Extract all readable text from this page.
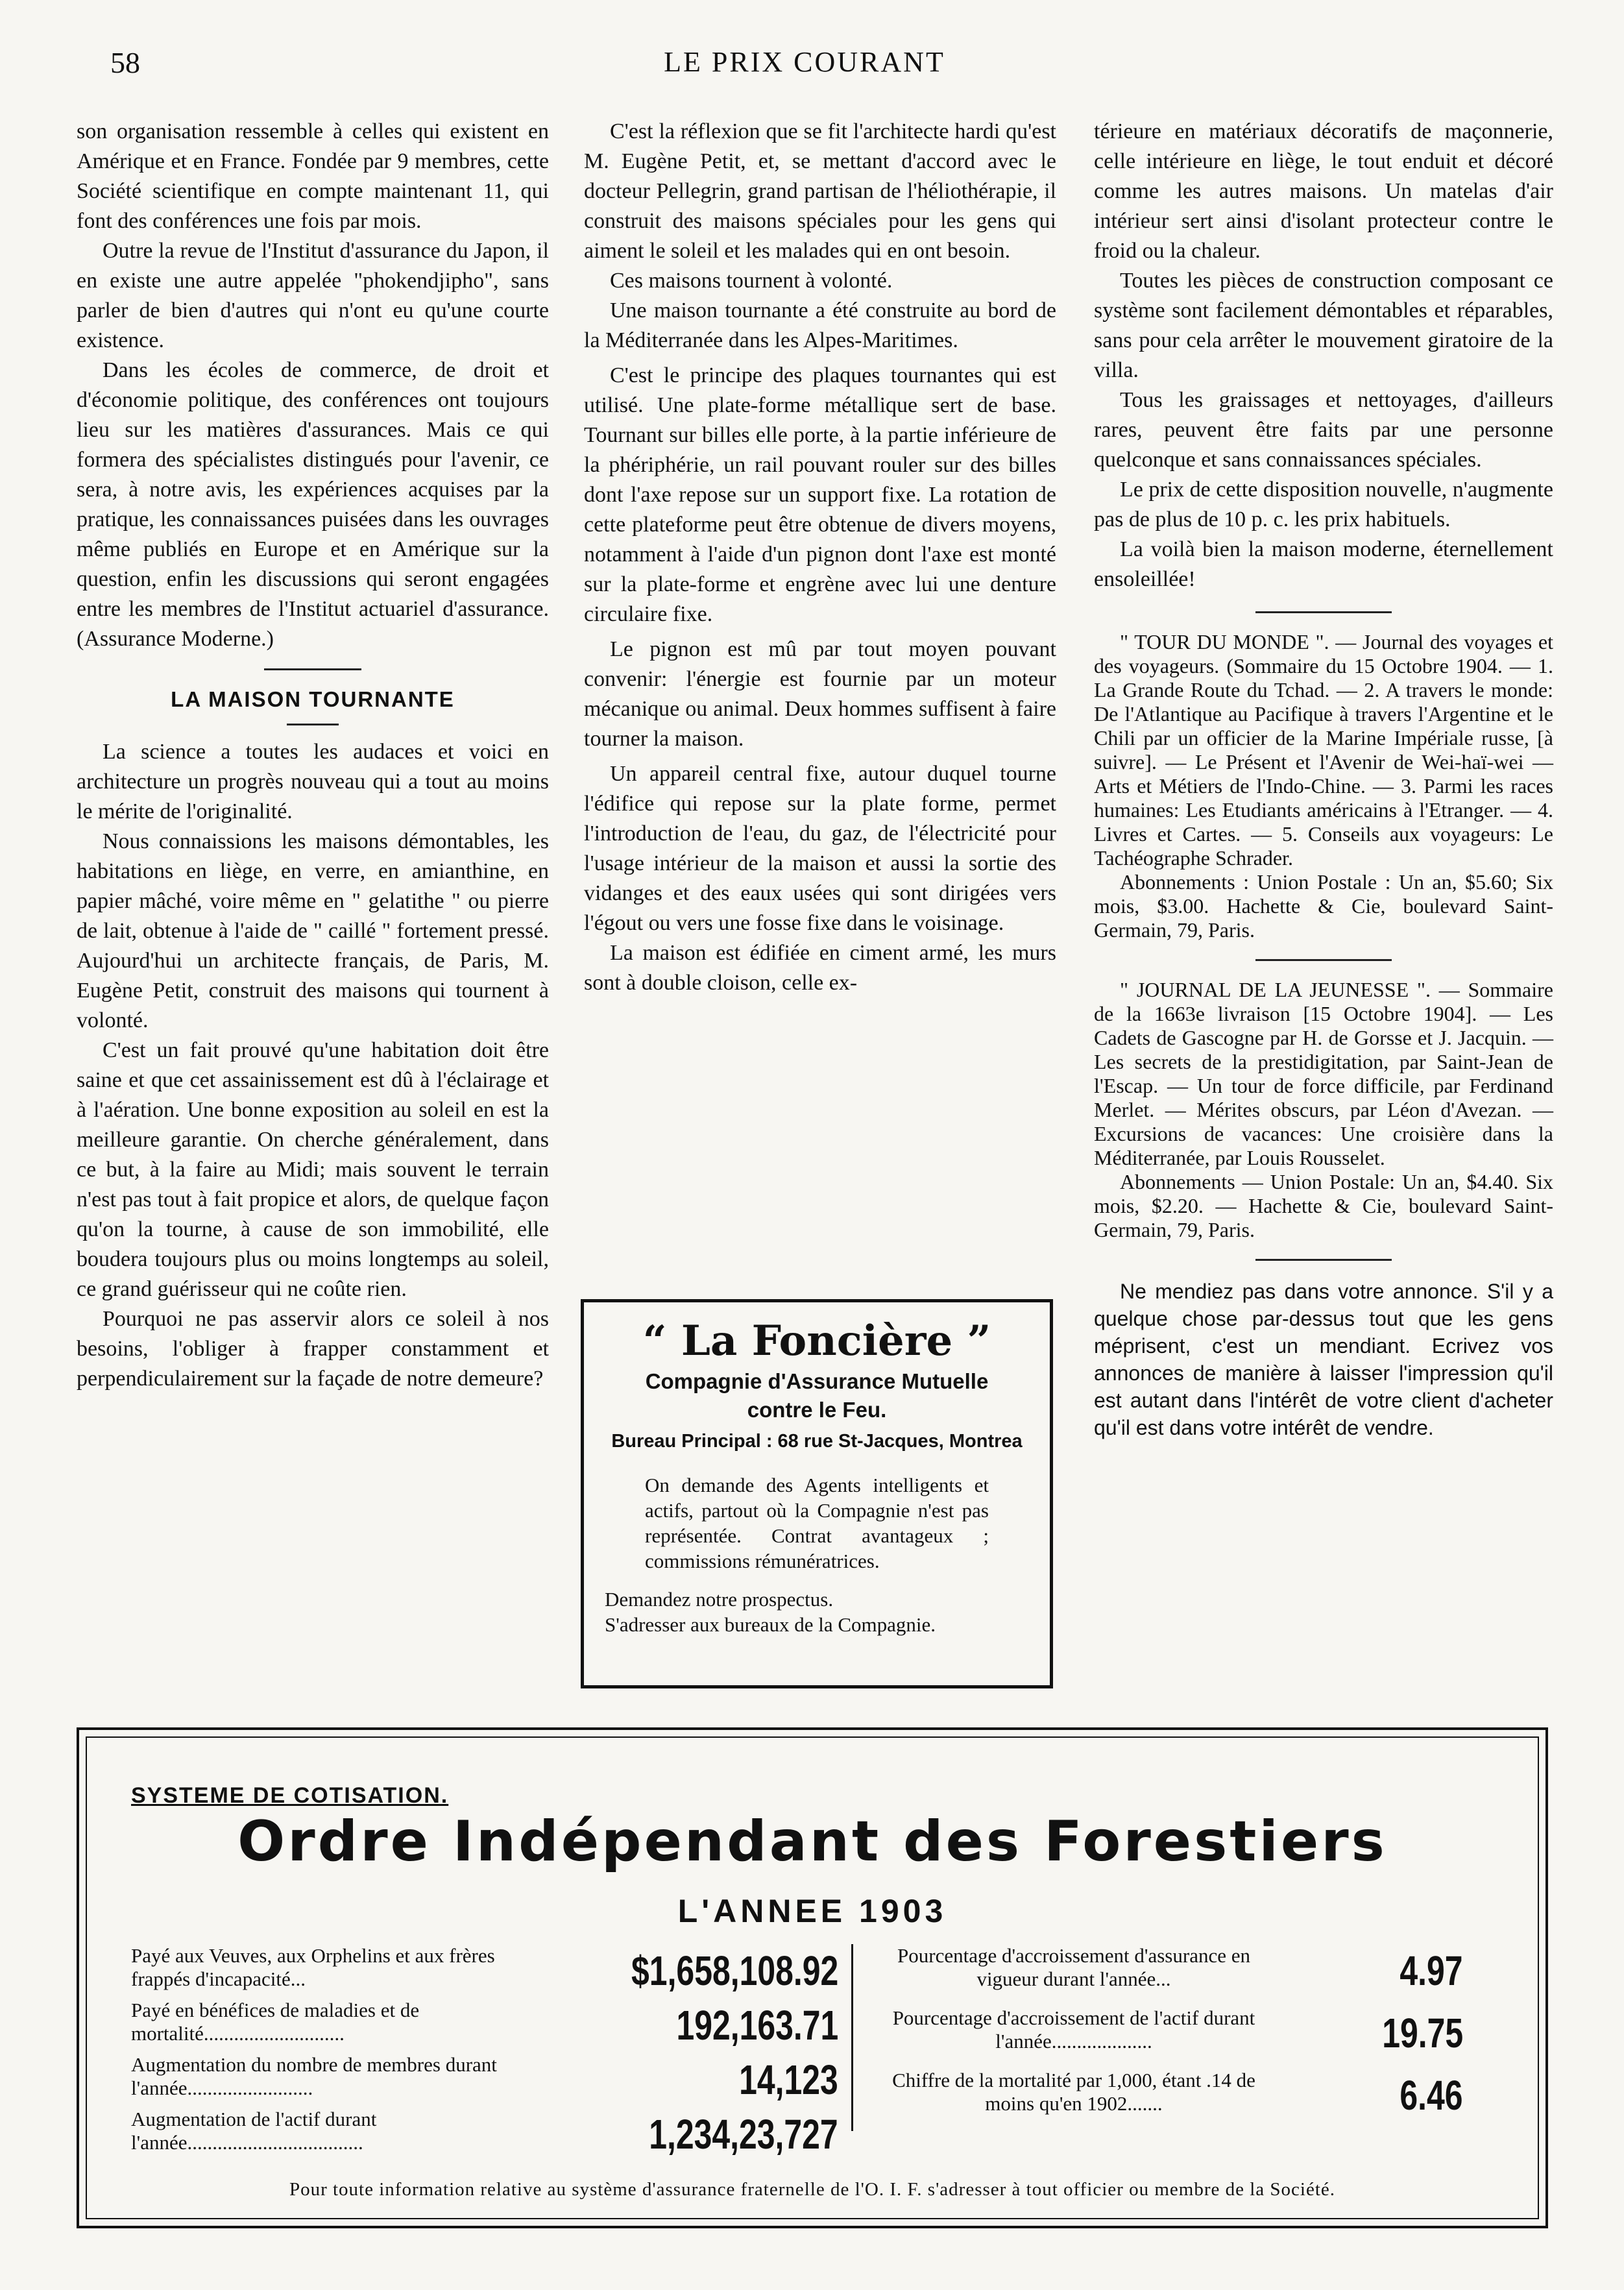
58	LE PRIX COURANT

son organisation ressemble à celles qui existent en Amérique et en France. Fondée par 9 membres, cette Société scientifique en compte maintenant 11, qui font des conférences une fois par mois.

Outre la revue de l'Institut d'assurance du Japon, il en existe une autre appelée "phokendjipho", sans parler de bien d'autres qui n'ont eu qu'une courte existence.

Dans les écoles de commerce, de droit et d'économie politique, des conférences ont toujours lieu sur les matières d'assurances. Mais ce qui formera des spécialistes distingués pour l'avenir, ce sera, à notre avis, les expériences acquises par la pratique, les connaissances puisées dans les ouvrages même publiés en Europe et en Amérique sur la question, enfin les discussions qui seront engagées entre les membres de l'Institut actuariel d'assurance. (Assurance Moderne.)

LA MAISON TOURNANTE

La science a toutes les audaces et voici en architecture un progrès nouveau qui a tout au moins le mérite de l'originalité.

Nous connaissions les maisons démontables, les habitations en liège, en verre, en amianthine, en papier mâché, voire même en " gelatithe " ou pierre de lait, obtenue à l'aide de " caillé " fortement pressé. Aujourd'hui un architecte français, de Paris, M. Eugène Petit, construit des maisons qui tournent à volonté.

C'est un fait prouvé qu'une habitation doit être saine et que cet assainissement est dû à l'éclairage et à l'aération. Une bonne exposition au soleil en est la meilleure garantie. On cherche généralement, dans ce but, à la faire au Midi; mais souvent le terrain n'est pas tout à fait propice et alors, de quelque façon qu'on la tourne, à cause de son immobilité, elle boudera toujours plus ou moins longtemps au soleil, ce grand guérisseur qui ne coûte rien.

Pourquoi ne pas asservir alors ce soleil à nos besoins, l'obliger à frapper constamment et perpendiculairement sur la façade de notre demeure?

C'est la réflexion que se fit l'architecte hardi qu'est M. Eugène Petit, et, se mettant d'accord avec le docteur Pellegrin, grand partisan de l'héliothérapie, il construit des maisons spéciales pour les gens qui aiment le soleil et les malades qui en ont besoin.

Ces maisons tournent à volonté.

Une maison tournante a été construite au bord de la Méditerranée dans les Alpes-Maritimes.

C'est le principe des plaques tournantes qui est utilisé. Une plate-forme métallique sert de base. Tournant sur billes elle porte, à la partie inférieure de la phériphérie, un rail pouvant rouler sur des billes dont l'axe repose sur un support fixe. La rotation de cette plateforme peut être obtenue de divers moyens, notamment à l'aide d'un pignon dont l'axe est monté sur la plate-forme et engrène avec lui une denture circulaire fixe.

Le pignon est mû par tout moyen pouvant convenir: l'énergie est fournie par un moteur mécanique ou animal. Deux hommes suffisent à faire tourner la maison.

Un appareil central fixe, autour duquel tourne l'édifice qui repose sur la plate forme, permet l'introduction de l'eau, du gaz, de l'électricité pour l'usage intérieur de la maison et aussi la sortie des vidanges et des eaux usées qui sont dirigées vers l'égout ou vers une fosse fixe dans le voisinage.

La maison est édifiée en ciment armé, les murs sont à double cloison, celle ex-

“ La Foncière ”
Compagnie d'Assurance Mutuelle
contre le Feu.
Bureau Principal : 68 rue St-Jacques, Montrea
On demande des Agents intelligents et actifs, partout où la Compagnie n'est pas représentée. Contrat avantageux ; commissions rémunératrices.
Demandez notre prospectus.
S'adresser aux bureaux de la Compagnie.

térieure en matériaux décoratifs de maçonnerie, celle intérieure en liège, le tout enduit et décoré comme les autres maisons. Un matelas d'air intérieur sert ainsi d'isolant protecteur contre le froid ou la chaleur.

Toutes les pièces de construction composant ce système sont facilement démontables et réparables, sans pour cela arrêter le mouvement giratoire de la villa.

Tous les graissages et nettoyages, d'ailleurs rares, peuvent être faits par une personne quelconque et sans connaissances spéciales.

Le prix de cette disposition nouvelle, n'augmente pas de plus de 10 p. c. les prix habituels.

La voilà bien la maison moderne, éternellement ensoleillée!

" TOUR DU MONDE ". — Journal des voyages et des voyageurs. (Sommaire du 15 Octobre 1904. — 1. La Grande Route du Tchad. — 2. A travers le monde: De l'Atlantique au Pacifique à travers l'Argentine et le Chili par un officier de la Marine Impériale russe, [à suivre]. — Le Présent et l'Avenir de Wei-haï-wei — Arts et Métiers de l'Indo-Chine. — 3. Parmi les races humaines: Les Etudiants américains à l'Etranger. — 4. Livres et Cartes. — 5. Conseils aux voyageurs: Le Tachéographe Schrader.

Abonnements : Union Postale : Un an, $5.60; Six mois, $3.00. Hachette & Cie, boulevard Saint-Germain, 79, Paris.

" JOURNAL DE LA JEUNESSE ". — Sommaire de la 1663e livraison [15 Octobre 1904]. — Les Cadets de Gascogne par H. de Gorsse et J. Jacquin. — Les secrets de la prestidigitation, par Saint-Jean de l'Escap. — Un tour de force difficile, par Ferdinand Merlet. — Mérites obscurs, par Léon d'Avezan. — Excursions de vacances: Une croisière dans la Méditerranée, par Louis Rousselet.

Abonnements — Union Postale: Un an, $4.40. Six mois, $2.20. — Hachette & Cie, boulevard Saint-Germain, 79, Paris.

Ne mendiez pas dans votre annonce. S'il y a quelque chose par-dessus tout que les gens méprisent, c'est un mendiant. Ecrivez vos annonces de manière à laisser l'impression qu'il est autant dans l'intérêt de votre client d'acheter qu'il est dans votre intérêt de vendre.

SYSTEME DE COTISATION.
Ordre Indépendant des Forestiers
L'ANNEE 1903
Payé aux Veuves, aux Orphelins et aux frères frappés d'incapacité...	$1,658,108.92
Payé en bénéfices de maladies et de mortalité............................	192,163.71
Augmentation du nombre de membres durant l'année.........................	14,123
Augmentation de l'actif durant l'année...................................	1,234,23,727
Pourcentage d'accroissement d'assurance en vigueur durant l'année...	4.97
Pourcentage d'accroissement de l'actif durant l'année....................	19.75
Chiffre de la mortalité par 1,000, étant .14 de moins qu'en 1902.......	6.46
Pour toute information relative au système d'assurance fraternelle de l'O. I. F. s'adresser à tout officier ou membre de la Société.
